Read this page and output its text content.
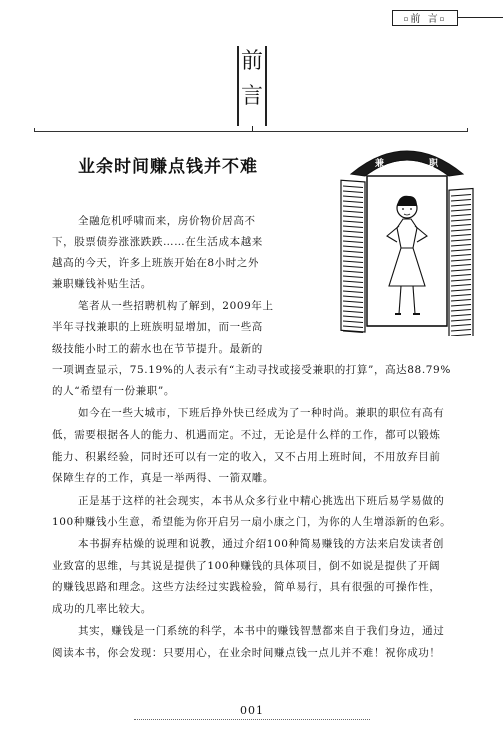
▫前 言▫
前
言
业余时间赚点钱并不难	兼	职
全融危机呼啸而来，房价物价居高不
下，股票债券涨涨跌跌……在生活成本越来
越高的今天，许多上班族开始在8小时之外
兼职赚钱补贴生活。
笔者从一些招聘机构了解到，2009年上
半年寻找兼职的上班族明显增加，而一些高
级技能小时工的薪水也在节节提升。最新的
一项调查显示，75.19%的人表示有“主动寻找或接受兼职的打算”，高达88.79%
的人“希望有一份兼职”。
如今在一些大城市，下班后挣外快已经成为了一种时尚。兼职的职位有高有
低，需要根据各人的能力、机遇而定。不过，无论是什么样的工作，都可以锻炼
能力、积累经验，同时还可以有一定的收入，又不占用上班时间，不用放弃目前
保障生存的工作，真是一举两得、一箭双雕。
正是基于这样的社会现实，本书从众多行业中精心挑选出下班后易学易做的
100种赚钱小生意，希望能为你开启另一扇小康之门，为你的人生增添新的色彩。
本书摒弃枯燥的说理和说教，通过介绍100种简易赚钱的方法来启发读者创
业致富的思维，与其说是提供了100种赚钱的具体项目，倒不如说是提供了开阔
的赚钱思路和理念。这些方法经过实践检验，简单易行，具有很强的可操作性，
成功的几率比较大。
其实，赚钱是一门系统的科学，本书中的赚钱智慧都来自于我们身边，通过
阅读本书，你会发现：只要用心，在业余时间赚点钱一点儿并不难！祝你成功！
001
